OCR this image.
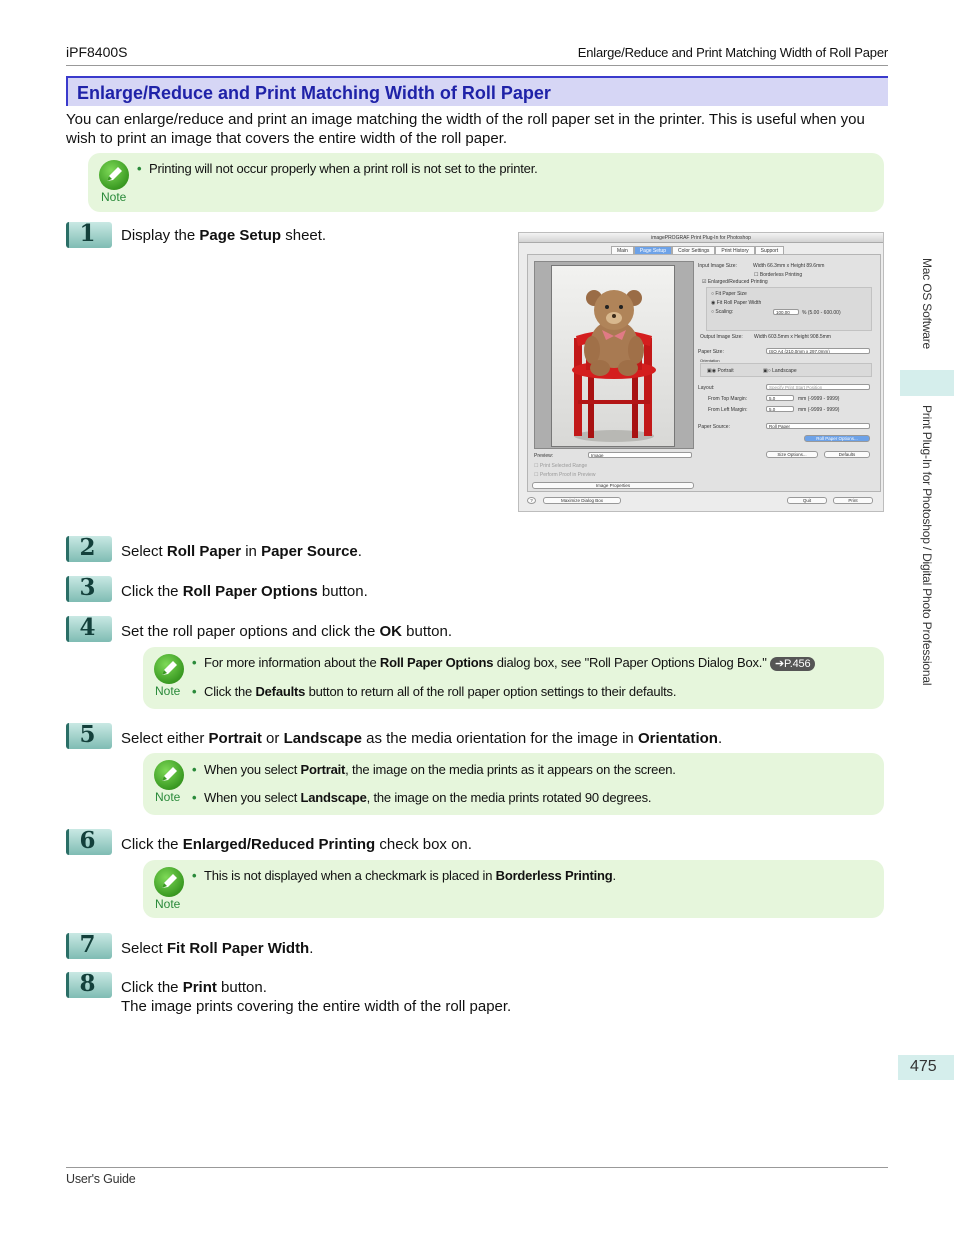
iPF8400S	Enlarge/Reduce and Print Matching Width of Roll Paper
Enlarge/Reduce and Print Matching Width of Roll Paper
You can enlarge/reduce and print an image matching the width of the roll paper set in the printer. This is useful when you wish to print an image that covers the entire width of the roll paper.
Note
• Printing will not occur properly when a print roll is not set to the printer.
1	Display the Page Setup sheet.	imagePROGRAF Print Plug-In for Photoshop
Main	Page Setup	Color Settings	Print History	Support
Input Image Size:	Width 66.3mm x Height 89.6mm
☐ Borderless Printing
☑ Enlarged/Reduced Printing
○ Fit Paper Size
◉ Fit Roll Paper Width
○ Scaling:	100.00	% (5.00 - 600.00)
Output Image Size: Width 603.5mm x Height 908.5mm
Paper Size:	ISO A4 (210.0mm x 297.0mm)
Orientation
▣◉ Portrait	▣○ Landscape
Layout:	Specify Print Start Position
From Top Margin:	5.0	mm (-9999 - 9999)
From Left Margin:	5.0	mm (-9999 - 9999)
Paper Source:	Roll Paper
Roll Paper Options...
Size Options...	Defaults
Preview:	Image
☐ Print Selected Range
☐ Perform Proof in Preview
Image Properties
?	Maximize Dialog Box	Quit	Print
2	Select Roll Paper in Paper Source.
3	Click the Roll Paper Options button.
4	Set the roll paper options and click the OK button.
Note
• For more information about the Roll Paper Options dialog box, see "Roll Paper Options Dialog Box." ➔P.456
• Click the Defaults button to return all of the roll paper option settings to their defaults.
5	Select either Portrait or Landscape as the media orientation for the image in Orientation.
Note
• When you select Portrait, the image on the media prints as it appears on the screen.
• When you select Landscape, the image on the media prints rotated 90 degrees.
6	Click the Enlarged/Reduced Printing check box on.
Note
• This is not displayed when a checkmark is placed in Borderless Printing.
7	Select Fit Roll Paper Width.
8	Click the Print button.
The image prints covering the entire width of the roll paper.
Mac OS Software
Print Plug-In for Photoshop / Digital Photo Professional
475
User's Guide
